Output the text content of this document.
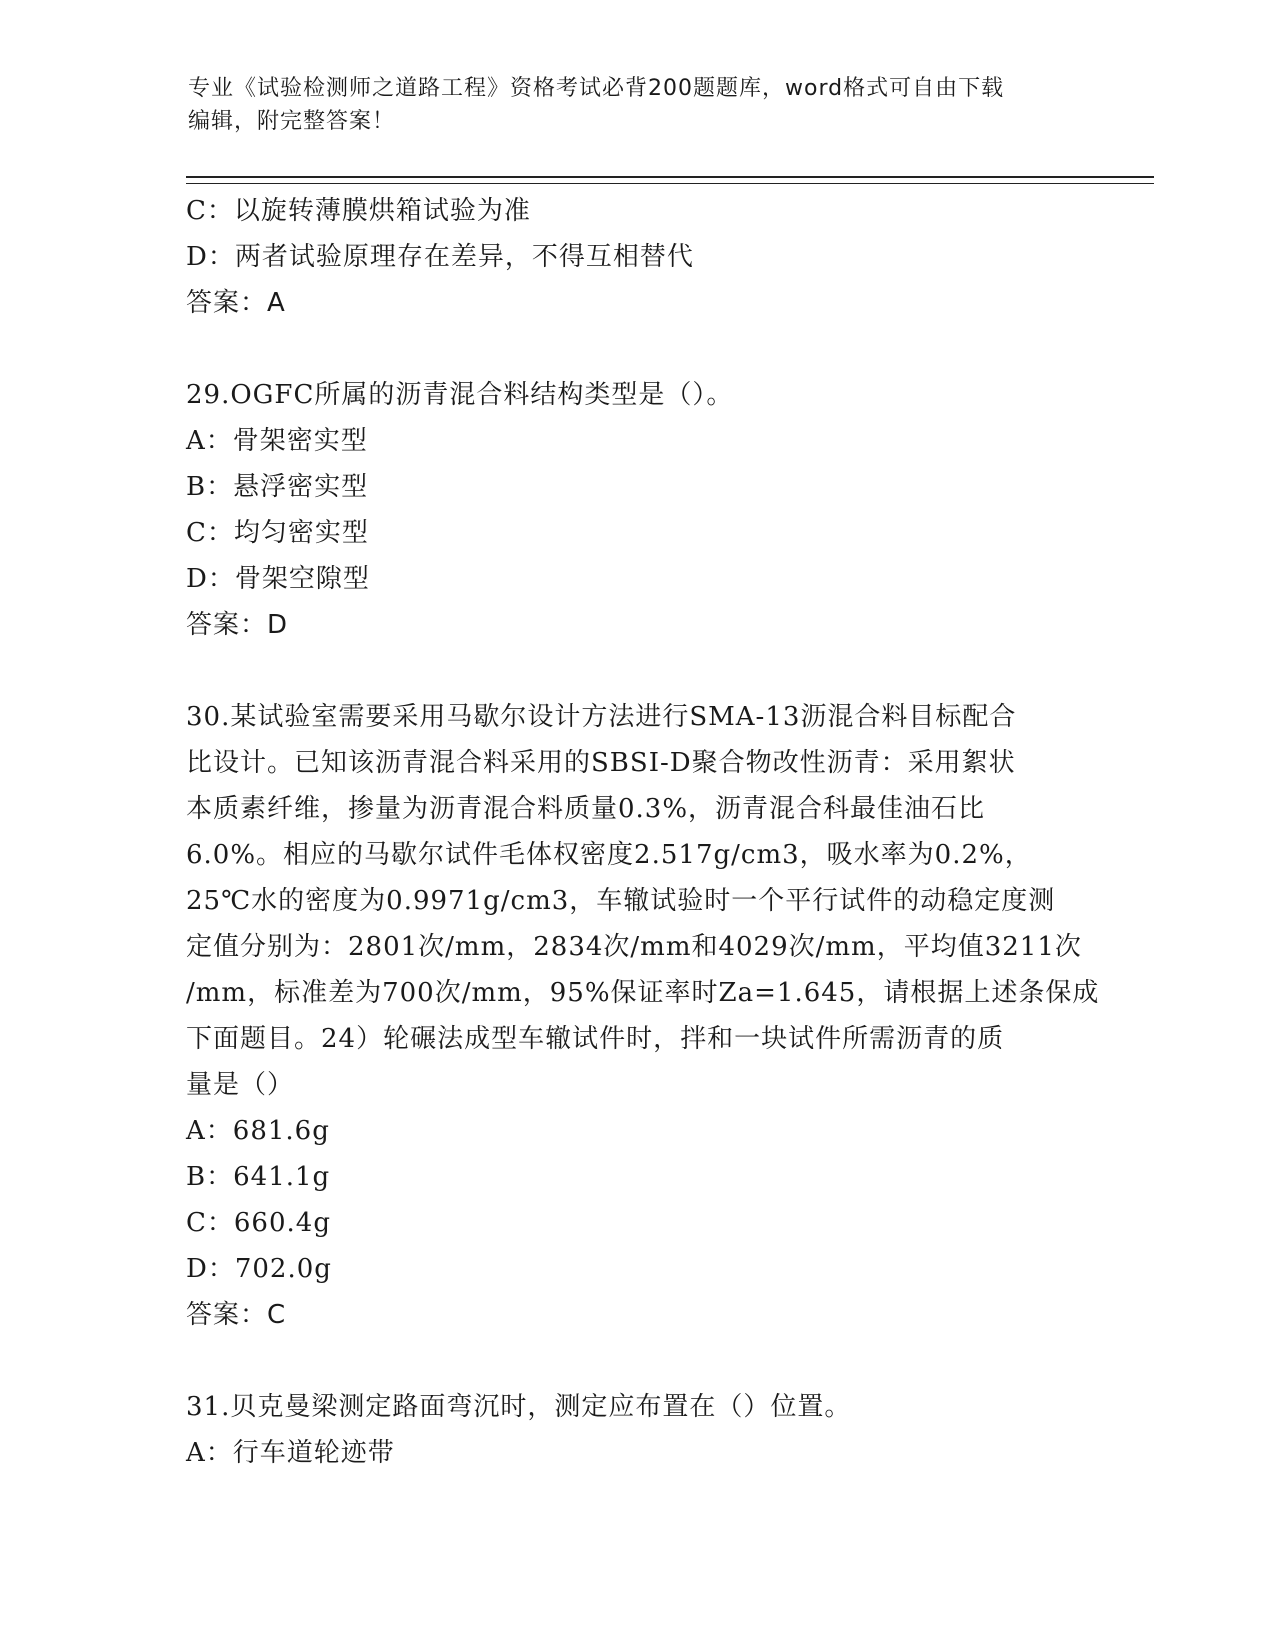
专业《试验检测师之道路工程》资格考试必背200题题库，word格式可自由下载
编辑，附完整答案！
C：以旋转薄膜烘箱试验为准
D：两者试验原理存在差异，不得互相替代
答案：A
29.OGFC所属的沥青混合料结构类型是（）。
A：骨架密实型
B：悬浮密实型
C：均匀密实型
D：骨架空隙型
答案：D
30.某试验室需要采用马歇尔设计方法进行SMA-13沥混合料目标配合
比设计。已知该沥青混合料采用的SBSI-D聚合物改性沥青：采用絮状
本质素纤维，掺量为沥青混合料质量0.3%，沥青混合科最佳油石比
6.0%。相应的马歇尔试件毛体权密度2.517g/cm3，吸水率为0.2%，
25℃水的密度为0.9971g/cm3，车辙试验时一个平行试件的动稳定度测
定值分别为：2801次/mm，2834次/mm和4029次/mm，平均值3211次
/mm，标准差为700次/mm，95%保证率时Za=1.645，请根据上述条保成
下面题目。24）轮碾法成型车辙试件时，拌和一块试件所需沥青的质
量是（）
A：681.6g
B：641.1g
C：660.4g
D：702.0g
答案：C
31.贝克曼梁测定路面弯沉时，测定应布置在（）位置。
A：行车道轮迹带
